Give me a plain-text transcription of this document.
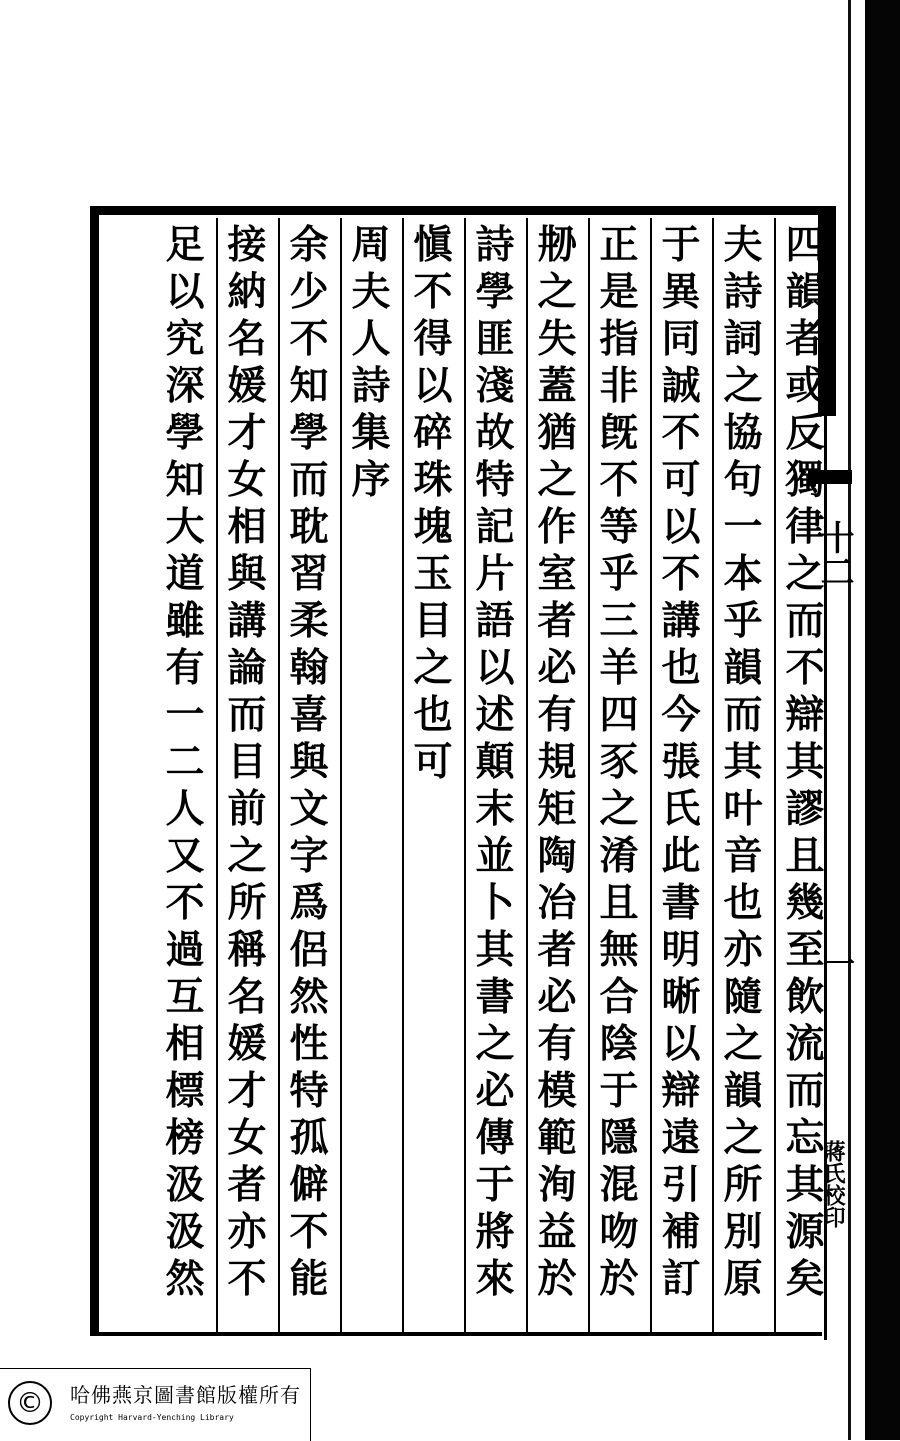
四
韻
者
或
反
獨
律
之
而
不
辯
其
謬
且
幾
至
飲
流
而
忘
其
源
矣
夫
詩
詞
之
協
句
一
本
乎
韻
而
其
叶
音
也
亦
隨
之
韻
之
所
別
原
于
異
同
誠
不
可
以
不
講
也
今
張
氏
此
書
明
晰
以
辯
遠
引
補
訂
正
是
指
非
旣
不
等
乎
三
羊
四
豕
之
淆
且
無
合
陰
于
隱
混
吻
於
刱
之
失
蓋
猶
之
作
室
者
必
有
規
矩
陶
冶
者
必
有
模
範
洵
益
於
詩
學
匪
淺
故
特
記
片
語
以
述
顛
末
並
卜
其
書
之
必
傳
于
將
來
愼
不
得
以
碎
珠
塊
玉
目
之
也
可
周
夫
人
詩
集
序
余
少
不
知
學
而
耽
習
柔
翰
喜
與
文
字
爲
侶
然
性
特
孤
僻
不
能
接
納
名
媛
才
女
相
與
講
論
而
目
前
之
所
稱
名
媛
才
女
者
亦
不
足
以
究
深
學
知
大
道
雖
有
一
二
人
又
不
過
互
相
標
榜
汲
汲
然
十二
一
蔣氏校印
©	哈佛燕京圖書館版權所有
Copyright Harvard-Yenching Library
